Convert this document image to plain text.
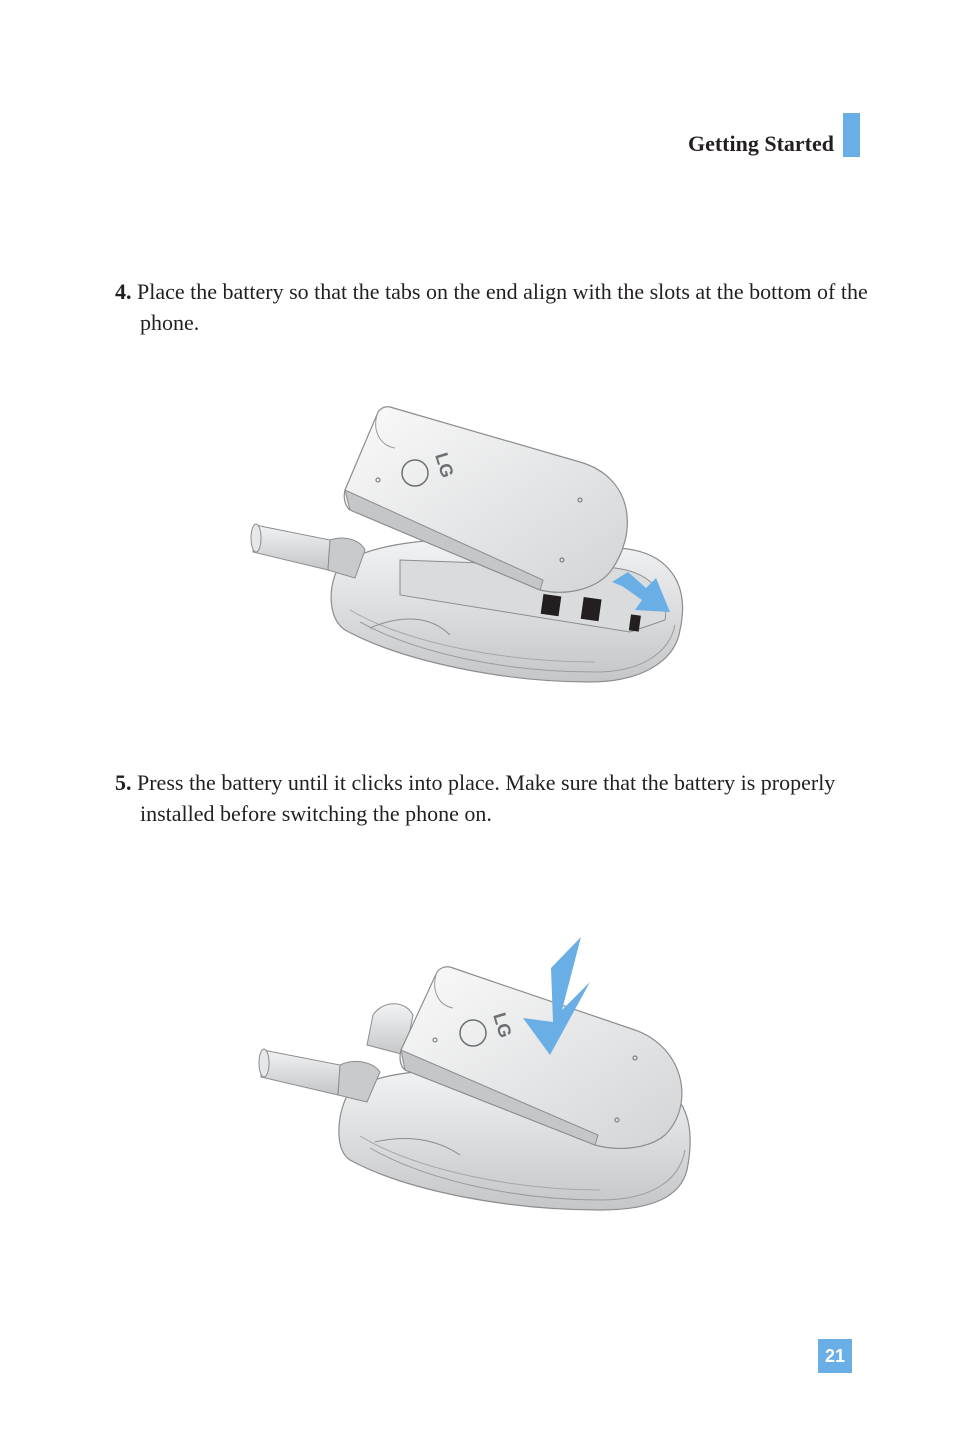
Getting Started
4. Place the battery so that the tabs on the end align with the slots at the bottom of the phone.
LG
5. Press the battery until it clicks into place. Make sure that the battery is properly installed before switching the phone on.
LG
21
